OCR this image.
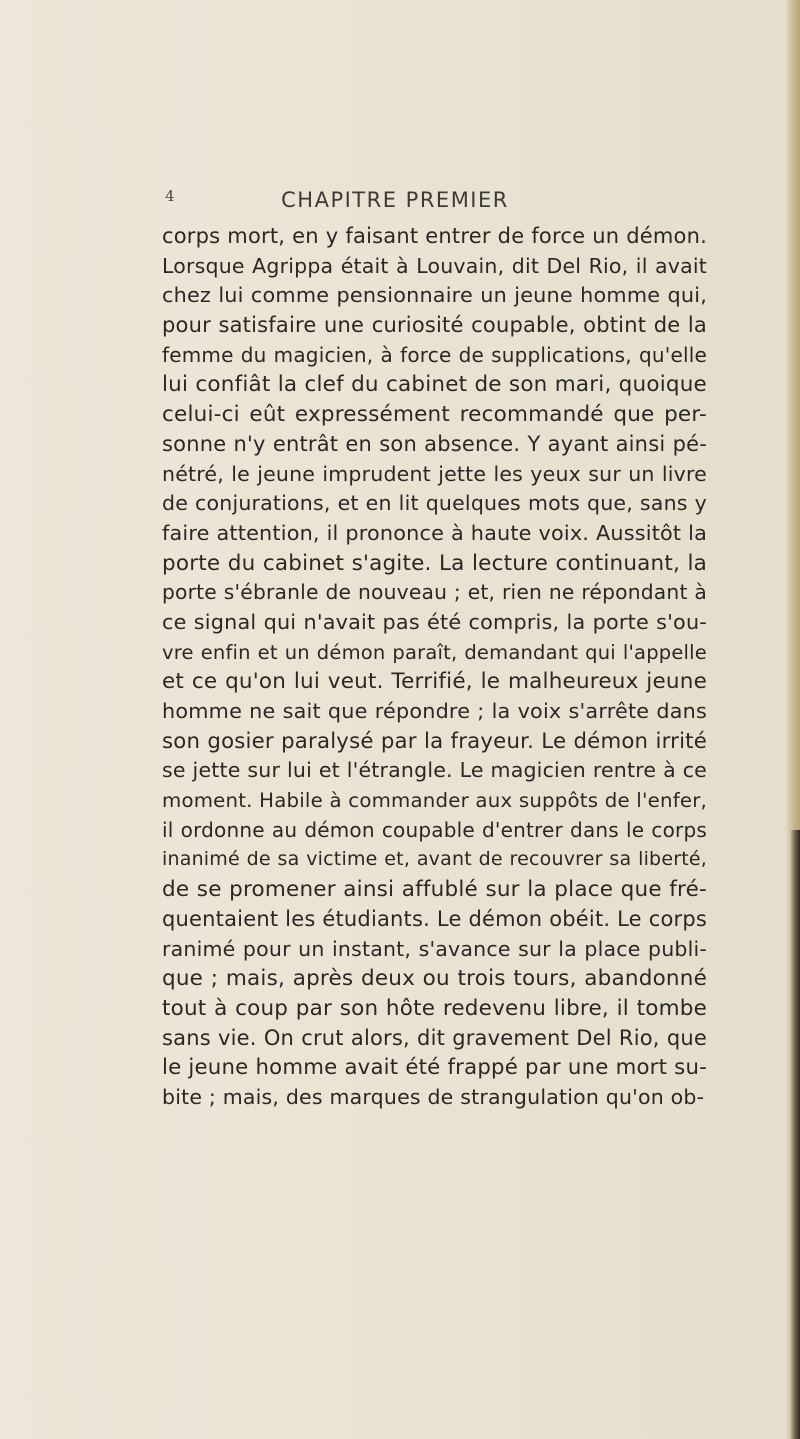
4	CHAPITRE PREMIER
corps mort, en y faisant entrer de force un démon.
Lorsque Agrippa était à Louvain, dit Del Rio, il avait
chez lui comme pensionnaire un jeune homme qui,
pour satisfaire une curiosité coupable, obtint de la
femme du magicien, à force de supplications, qu'elle
lui confiât la clef du cabinet de son mari, quoique
celui-ci eût expressément recommandé que per-
sonne n'y entrât en son absence. Y ayant ainsi pé-
nétré, le jeune imprudent jette les yeux sur un livre
de conjurations, et en lit quelques mots que, sans y
faire attention, il prononce à haute voix. Aussitôt la
porte du cabinet s'agite. La lecture continuant, la
porte s'ébranle de nouveau ; et, rien ne répondant à
ce signal qui n'avait pas été compris, la porte s'ou-
vre enfin et un démon paraît, demandant qui l'appelle
et ce qu'on lui veut. Terrifié, le malheureux jeune
homme ne sait que répondre ; la voix s'arrête dans
son gosier paralysé par la frayeur. Le démon irrité
se jette sur lui et l'étrangle. Le magicien rentre à ce
moment. Habile à commander aux suppôts de l'enfer,
il ordonne au démon coupable d'entrer dans le corps
inanimé de sa victime et, avant de recouvrer sa liberté,
de se promener ainsi affublé sur la place que fré-
quentaient les étudiants. Le démon obéit. Le corps
ranimé pour un instant, s'avance sur la place publi-
que ; mais, après deux ou trois tours, abandonné
tout à coup par son hôte redevenu libre, il tombe
sans vie. On crut alors, dit gravement Del Rio, que
le jeune homme avait été frappé par une mort su-
bite ; mais, des marques de strangulation qu'on ob-
